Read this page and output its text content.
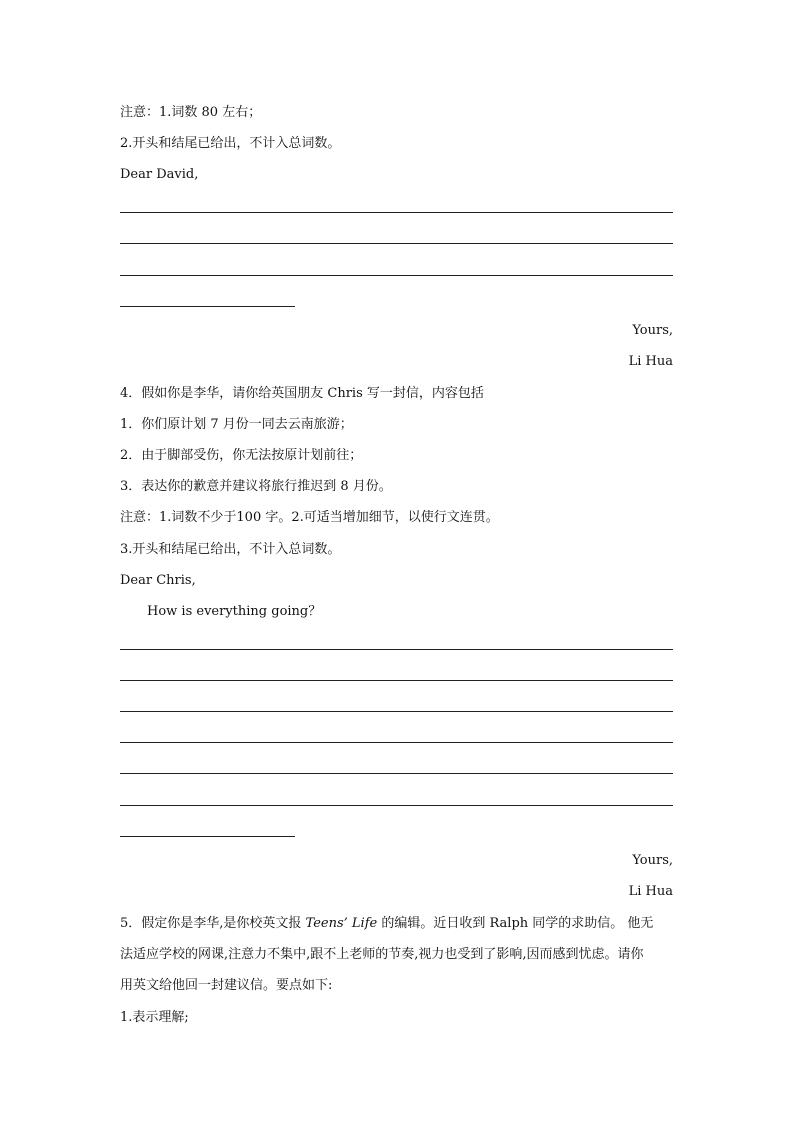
注意：1.词数 80 左右；
2.开头和结尾已给出，不计入总词数。
Dear David,
Yours,
Li Hua
4．假如你是李华，请你给英国朋友 Chris 写一封信，内容包括
1．你们原计划 7 月份一同去云南旅游；
2．由于脚部受伤，你无法按原计划前往；
3．表达你的歉意并建议将旅行推迟到 8 月份。
注意：1.词数不少于100 字。2.可适当增加细节，以使行文连贯。
3.开头和结尾已给出，不计入总词数。
Dear Chris,
How is everything going？
Yours,
Li Hua
5．假定你是李华,是你校英文报 Teens’ Life 的编辑。近日收到 Ralph 同学的求助信。 他无
法适应学校的网课,注意力不集中,跟不上老师的节奏,视力也受到了影响,因而感到忧虑。请你
用英文给他回一封建议信。要点如下:
1.表示理解;
